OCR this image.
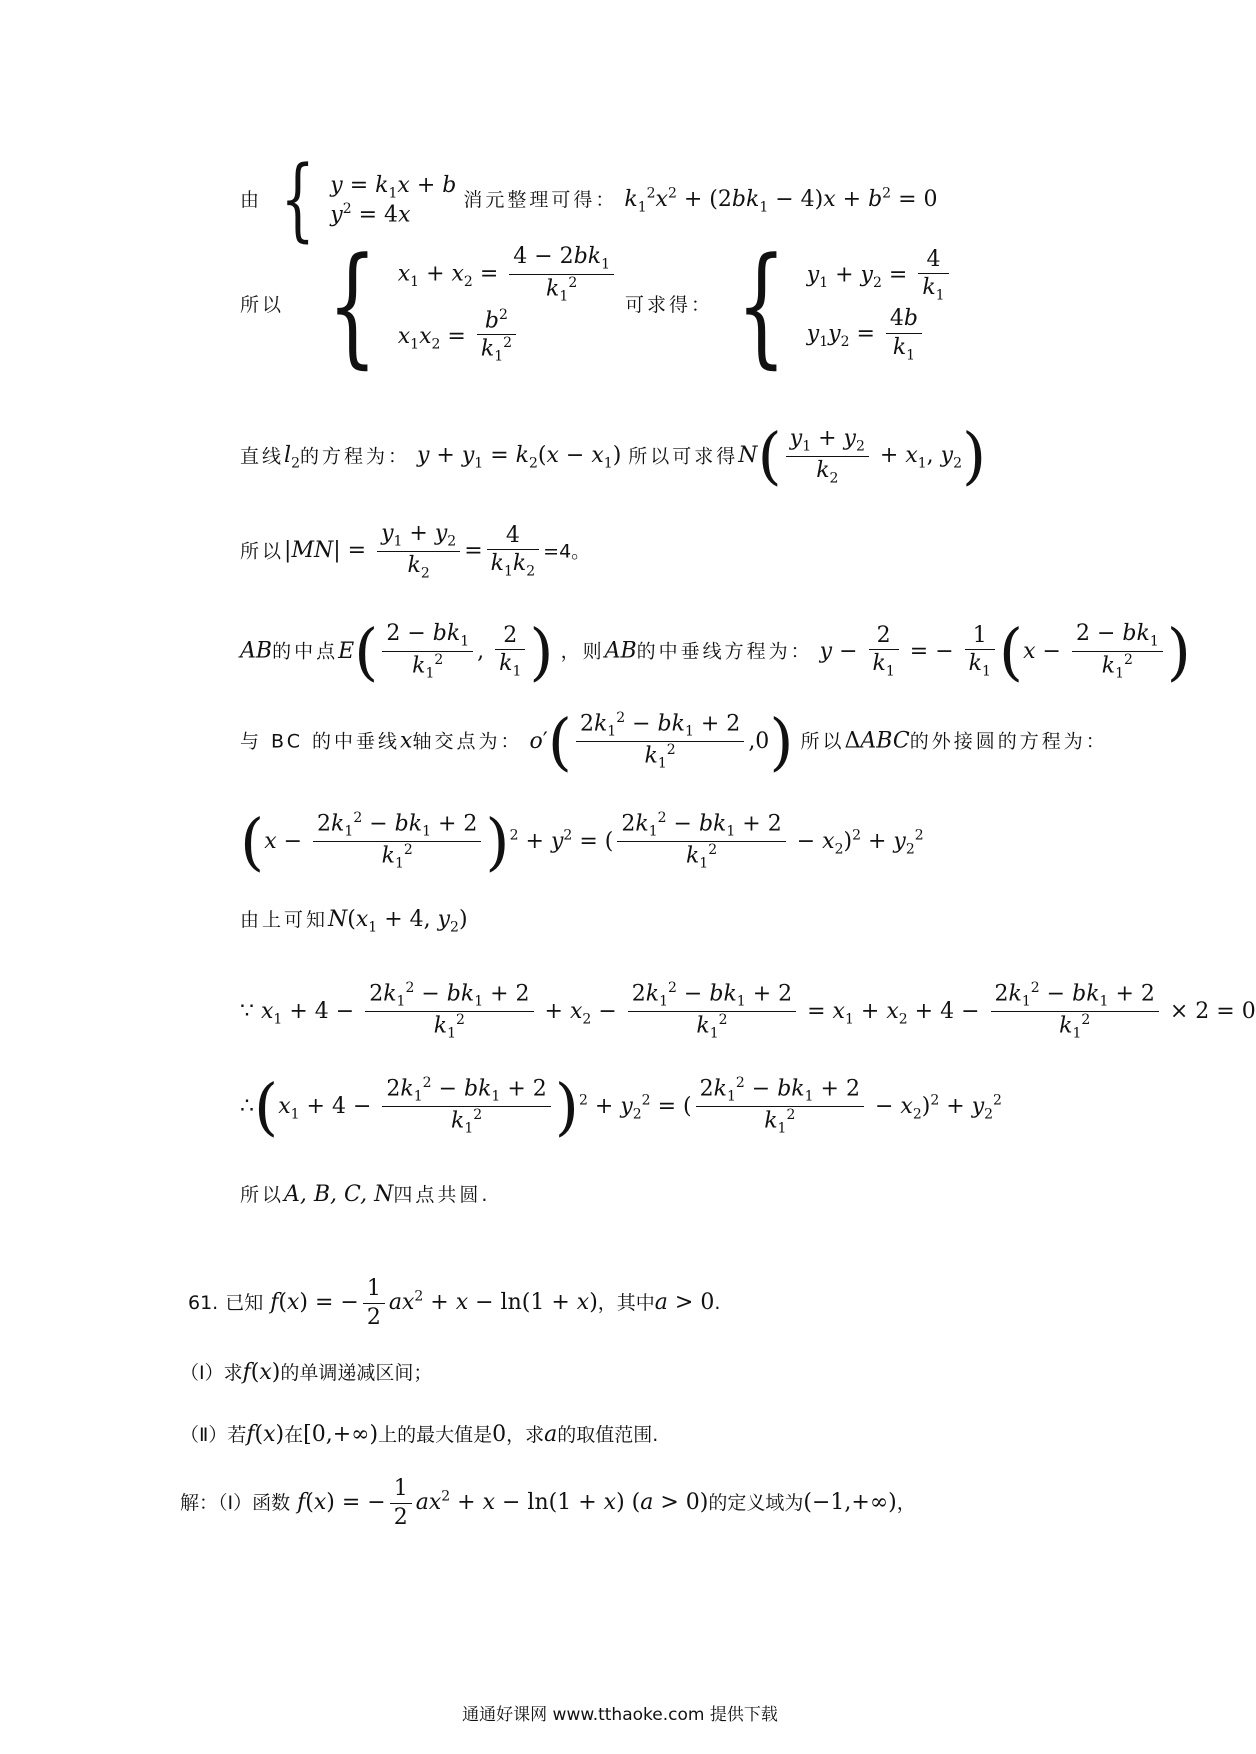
由 { $y = k_1x + b$
$y^2 = 4x$
消元整理可得： $k_1^2x^2 + (2bk_1 - 4)x + b^2 = 0$
所以 { $x_1 + x_2 = \frac{4 - 2bk_1}{k_1^2}$
$x_1x_2 = \frac{b^2}{k_1^2}$
可求得： { $y_1 + y_2 = \frac{4}{k_1}$
$y_1y_2 = \frac{4b}{k_1}$
直线$l_2$的方程为： $y + y_1 = k_2(x - x_1)$ 所以可求得$N( \frac{y_1 + y_2}{k_2} + x_1$, $y_2$)
所以$|MN| = \frac{y_1 + y_2}{k_2} = \frac{4}{k_1k_2} =4$。
AB的中点$E( \frac{2 - bk_1}{k_1^2}$ , $\frac{2}{k_1}$ ) ，则AB的中垂线方程为： $y - \frac{2}{k_1}$ = − $\frac{1}{k_1} (x - \frac{2 - bk_1}{k_1^2}$ )
与 BC 的中垂线x轴交点为： $o'( \frac{2k_1^2 - bk_1 + 2}{k_1^2} ,0)$ 所以ΔABC的外接圆的方程为：
$(x - \frac{2k_1^2 - bk_1 + 2}{k_1^2} )^2 + y^2$ = ( $\frac{2k_1^2 - bk_1 + 2}{k_1^2} - x_2)^2 + y_2^2$
由上可知$N(x_1 + 4$, $y_2$)
∵ $x_1 + 4 - \frac{2k_1^2 - bk_1 + 2}{k_1^2} + x_2 - \frac{2k_1^2 - bk_1 + 2}{k_1^2} = x_1 + x_2 + 4 - \frac{2k_1^2 - bk_1 + 2}{k_1^2} \times 2 = 0$
$\therefore(x_1 + 4 - \frac{2k_1^2 - bk_1 + 2}{k_1^2} )^2 + y_2^2$ = ( $\frac{2k_1^2 - bk_1 + 2}{k_1^2} - x_2)^2 + y_2^2$
所以A, B, C, N四点共圆.
61. 已知 f(x) = − $\frac{1}{2} ax^2 + x - \ln(1 + x)$，其中a > 0.
（Ⅰ）求f(x)的单调递减区间；
（Ⅱ）若f(x)在[0,+∞)上的最大值是0，求a的取值范围.
解：（Ⅰ）函数 f(x) = − $\frac{1}{2} ax^2 + x - \ln(1 + x) (a > 0)$的定义域为(−1,+∞)，
通通好课网 www.tthaoke.com 提供下载
